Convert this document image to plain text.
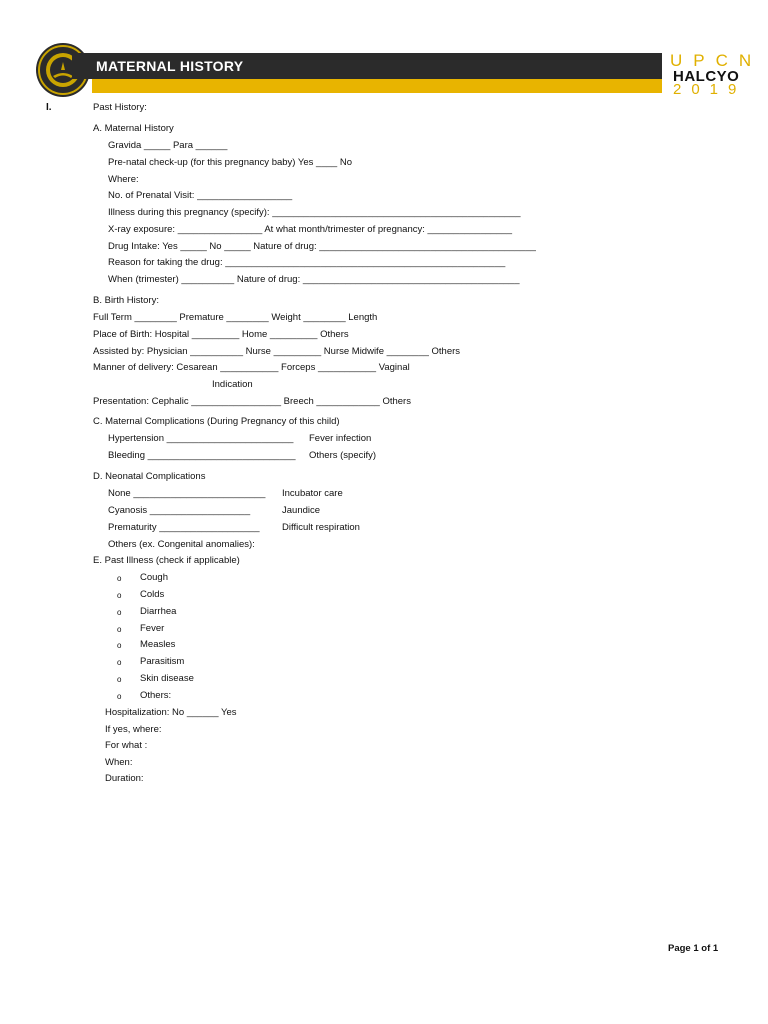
MATERNAL HISTORY	UPCN
HALCYO
2019
I.	Past History:
A. Maternal History
Gravida _____ Para ______
Pre-natal check-up (for this pregnancy baby) Yes ____ No
Where:
No. of Prenatal Visit: __________________
Illness during this pregnancy (specify): _______________________________________________
X-ray exposure: ________________ At what month/trimester of pregnancy: ________________
Drug Intake: Yes _____ No _____ Nature of drug: _________________________________________
Reason for taking the drug: _____________________________________________________
When (trimester) __________ Nature of drug: _________________________________________
B. Birth History:
Full Term ________ Premature ________ Weight ________ Length
Place of Birth: Hospital _________ Home _________ Others
Assisted by: Physician __________ Nurse _________ Nurse Midwife ________ Others
Manner of delivery: Cesarean ___________ Forceps ___________ Vaginal
Indication
Presentation: Cephalic _________________ Breech ____________ Others
C. Maternal Complications (During Pregnancy of this child)
Hypertension ________________________ Fever infection
Bleeding ____________________________ Others (specify)
D. Neonatal Complications
None _________________________ Incubator care
Cyanosis ___________________	Jaundice
Prematurity ___________________ Difficult respiration
Others (ex. Congenital anomalies):
E. Past Illness (check if applicable)
o Cough
o Colds
o Diarrhea
o Fever
o Measles
o Parasitism
o Skin disease
o Others:
Hospitalization: No ______ Yes
If yes, where:
For what :
When:
Duration:
Page 1 of 1
